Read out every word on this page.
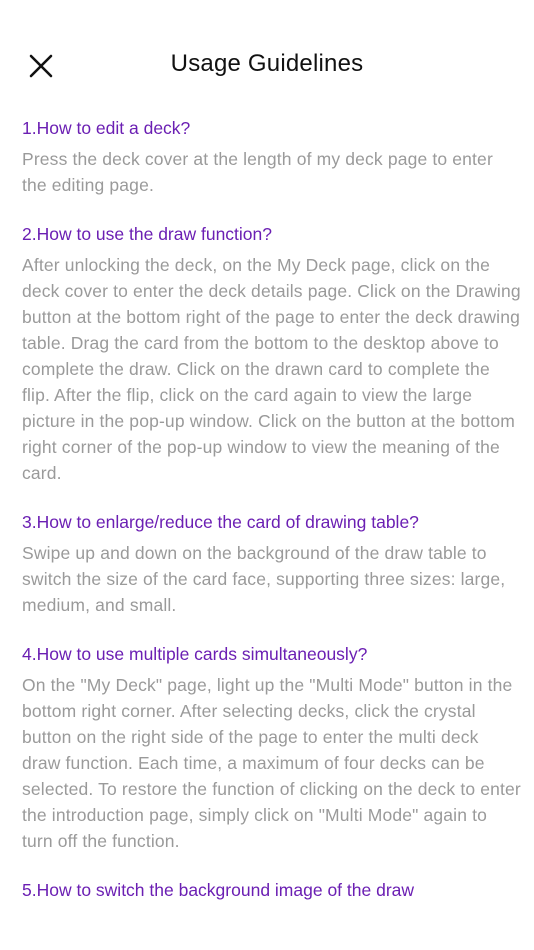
Usage Guidelines

1.How to edit a deck?

Press the deck cover at the length of my deck page to enter the editing page.

2.How to use the draw function?

After unlocking the deck, on the My Deck page, click on the deck cover to enter the deck details page. Click on the Drawing button at the bottom right of the page to enter the deck drawing table. Drag the card from the bottom to the desktop above to complete the draw. Click on the drawn card to complete the flip. After the flip, click on the card again to view the large picture in the pop-up window. Click on the button at the bottom right corner of the pop-up window to view the meaning of the card.

3.How to enlarge/reduce the card of drawing table?

Swipe up and down on the background of the draw table to switch the size of the card face, supporting three sizes: large, medium, and small.

4.How to use multiple cards simultaneously?

On the "My Deck" page, light up the "Multi Mode" button in the bottom right corner. After selecting decks, click the crystal button on the right side of the page to enter the multi deck draw function. Each time, a maximum of four decks can be selected. To restore the function of clicking on the deck to enter the introduction page, simply click on "Multi Mode" again to turn off the function.

5.How to switch the background image of the draw
